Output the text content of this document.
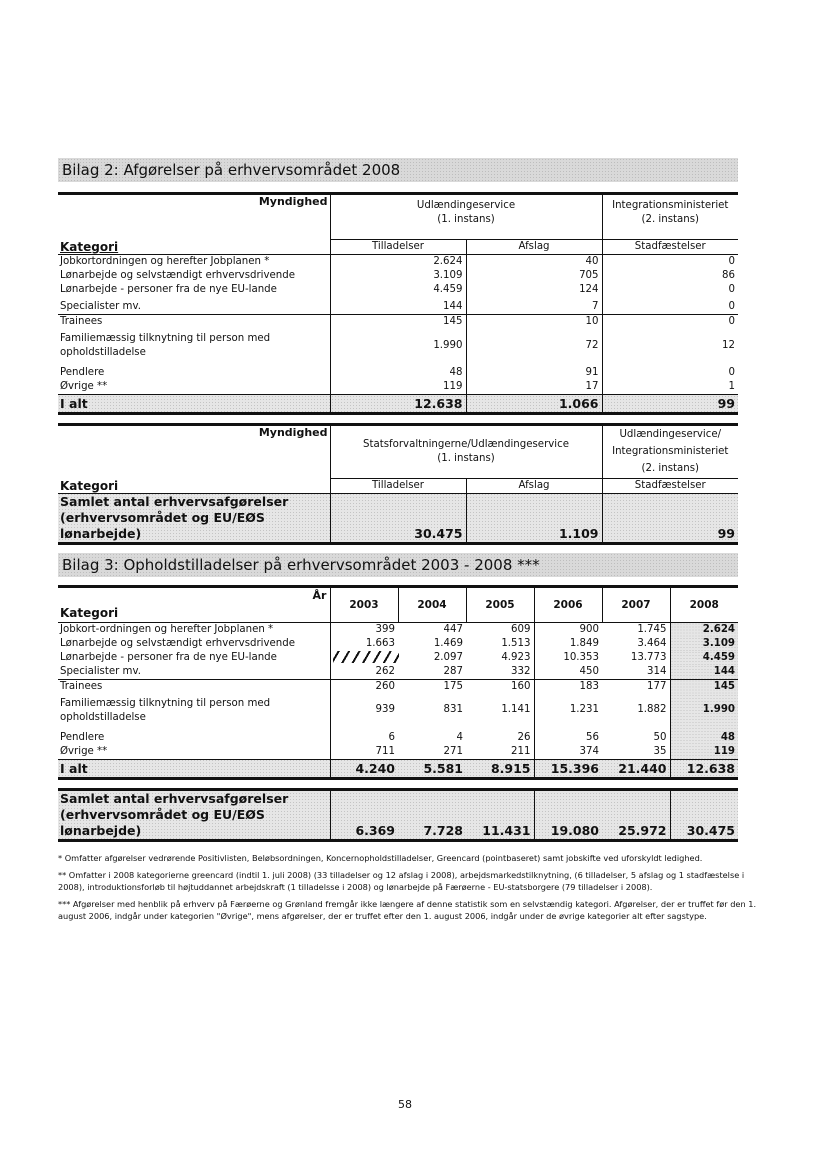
Bilag 2: Afgørelser på erhvervsområdet 2008
Myndighed	Udlændingeservice
(1. instans)

Integrationsministeriet
(2. instans)

Kategori	Tilladelser	Afslag	Stadfæstelser
Jobkortordningen og herefter Jobplanen *	2.624	40	0
Lønarbejde og selvstændigt erhvervsdrivende	3.109	705	86
Lønarbejde - personer fra de nye EU-lande	4.459	124	0
Specialister mv.	144	7	0
Trainees	145	10	0
Familiemæssig tilknytning til person med opholdstilladelse	1.990	72	12
Pendlere	48	91	0
Øvrige **	119	17	1
I alt	12.638	1.066	99
Myndighed	
Statsforvaltningerne/Udlændingeservice
(1. instans)

Udlændingeservice/
Integrationsministeriet
(2. instans)

Kategori	Tilladelser	Afslag	Stadfæstelser

Samlet antal erhvervsafgørelser
(erhvervsområdet og EU/EØS lønarbejde)	30.475	1.109	99
Bilag 3: Opholdstilladelser på erhvervsområdet 2003 - 2008 ***
År
Kategori	2003	2004	2005	2006	2007	2008
Jobkort-ordningen og herefter Jobplanen *	399	447	609	900	1.745	2.624
Lønarbejde og selvstændigt erhvervsdrivende	1.663	1.469	1.513	1.849	3.464	3.109
Lønarbejde - personer fra de nye EU-lande		2.097	4.923	10.353	13.773	4.459
Specialister mv.	262	287	332	450	314	144
Trainees	260	175	160	183	177	145
Familiemæssig tilknytning til person med opholdstilladelse	939	831	1.141	1.231	1.882	1.990
Pendlere	6	4	26	56	50	48
Øvrige **	711	271	211	374	35	119
I alt	4.240	5.581	8.915	15.396	21.440	12.638
Samlet antal erhvervsafgørelser
(erhvervsområdet og EU/EØS lønarbejde)	6.369	7.728	11.431	19.080	25.972	30.475

* Omfatter afgørelser vedrørende Positivlisten, Beløbsordningen, Koncernopholdstilladelser, Greencard (pointbaseret) samt jobskifte ved uforskyldt ledighed.

** Omfatter i 2008 kategorierne greencard (indtil 1. juli 2008) (33 tilladelser og 12 afslag i 2008), arbejdsmarkedstilknytning, (6 tilladelser, 5 afslag og 1 stadfæstelse i 2008), introduktionsforløb til højtuddannet arbejdskraft (1 tilladelsse i 2008) og lønarbejde på Færøerne - EU-statsborgere (79 tilladelser i 2008).

*** Afgørelser med henblik på erhverv på Færøerne og Grønland fremgår ikke længere af denne statistik som en selvstændig kategori. Afgørelser, der er truffet før den 1. august 2006, indgår under kategorien "Øvrige", mens afgørelser, der er truffet efter den 1. august 2006, indgår under de øvrige kategorier alt efter sagstype.

58
